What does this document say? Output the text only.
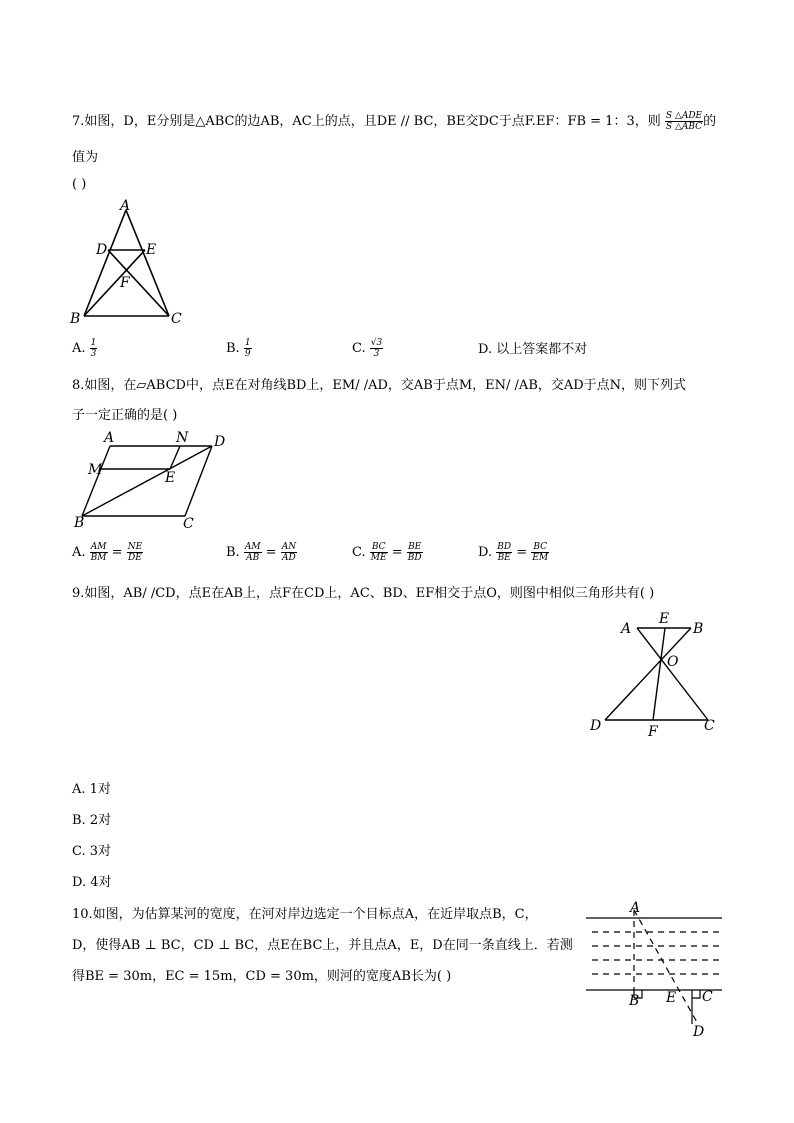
7.如图，D，E分别是△ABC的边AB，AC上的点，且DE // BC，BE交DC于点F.EF：FB = 1：3，则 $\frac{\text{S △ADE}}{\text{S △ABC}}$ 的
值为
( )
A
D	E
F
B	C
A. $\frac{1}{3}$	B. $\frac{1}{9}$	C. $\frac{√3}{3}$	D. 以上答案都不对
8.如图，在▱ABCD中，点E在对角线BD上，EM/ /AD，交AB于点M，EN/ /AB，交AD于点N，则下列式
子一定正确的是( )
A	N D
M	E
B	C
A. $\frac{AM}{BM} = \frac{NE}{DE}$	B. $\frac{AM}{AB} = \frac{AN}{AD}$	C. $\frac{BC}{ME} = \frac{BE}{BD}$	D. $\frac{BD}{BE} = \frac{BC}{EM}$
9.如图，AB/ /CD，点E在AB上，点F在CD上，AC、BD、EF相交于点O，则图中相似三角形共有( )
A
E
B
O
D	F	C
A. 1对
B. 2对
C. 3对
D. 4对
10.如图，为估算某河的宽度，在河对岸边选定一个目标点A，在近岸取点B，C，
D，使得AB ⊥ BC，CD ⊥ BC，点E在BC上，并且点A，E，D在同一条直线上．若测
得BE = 30m，EC = 15m，CD = 30m，则河的宽度AB长为( )
A
B E C
D
